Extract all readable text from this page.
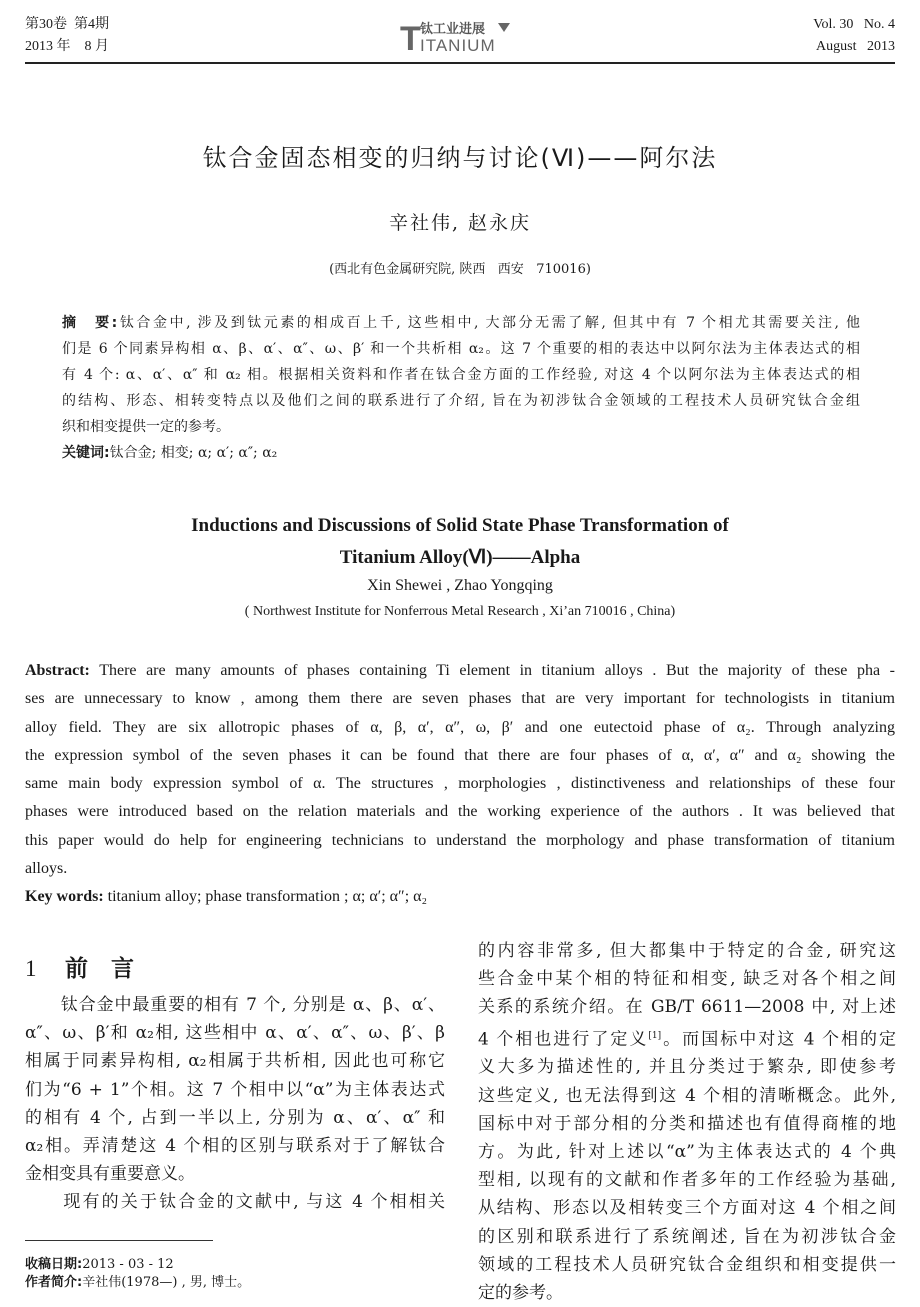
第30卷  第4期
2013 年    8 月	T 钛工业进展
ITANIUM
Vol. 30   No. 4
August   2013
钛合金固态相变的归纳与讨论(Ⅵ)——阿尔法
辛社伟, 赵永庆
(西北有色金属研究院, 陕西   西安   710016)
摘　要:钛合金中, 涉及到钛元素的相成百上千, 这些相中, 大部分无需了解, 但其中有 7 个相尤其需要关注, 他
们是 6 个同素异构相 α、β、α′、α″、ω、β′ 和一个共析相 α₂。这 7 个重要的相的表达中以阿尔法为主体表达式的相
有 4 个: α、α′、α″ 和 α₂ 相。根据相关资料和作者在钛合金方面的工作经验, 对这 4 个以阿尔法为主体表达式的相
的结构、形态、相转变特点以及他们之间的联系进行了介绍, 旨在为初涉钛合金领域的工程技术人员研究钛合金组
织和相变提供一定的参考。
关键词:钛合金; 相变; α; α′; α″; α₂
Inductions and Discussions of Solid State Phase Transformation of
Titanium Alloy(Ⅵ)——Alpha
Xin Shewei , Zhao Yongqing
( Northwest Institute for Nonferrous Metal Research , Xi’an 710016 , China)
Abstract: There are many amounts of phases containing Ti element in titanium alloys . But the majority of these pha -
ses are unnecessary to know , among them there are seven phases that are very important for technologists in titanium
alloy field. They are six allotropic phases of α, β, α′, α″, ω, β′ and one eutectoid phase of α₂. Through analyzing
the expression symbol of the seven phases it can be found that there are four phases of α, α′, α″ and α₂ showing the
same main body expression symbol of α. The structures , morphologies , distinctiveness and relationships of these four
phases were introduced based on the relation materials and the working experience of the authors . It was believed that
this paper would do help for engineering technicians to understand the morphology and phase transformation of titanium
alloys.
Key words: titanium alloy; phase transformation ; α; α′; α″; α₂
1 前　言
　　钛合金中最重要的相有 7 个, 分别是 α、β、α′、
α″、ω、β′和 α₂相, 这些相中 α、α′、α″、ω、β′、β
相属于同素异构相, α₂相属于共析相, 因此也可称它
们为“6 + 1”个相。这 7 个相中以“α”为主体表达式
的相有 4 个, 占到一半以上, 分别为 α、α′、α″ 和
α₂相。弄清楚这 4 个相的区别与联系对于了解钛合
金相变具有重要意义。
　　现有的关于钛合金的文献中, 与这 4 个相相关
的内容非常多, 但大都集中于特定的合金, 研究这
些合金中某个相的特征和相变, 缺乏对各个相之间
关系的系统介绍。在 GB/T 6611—2008 中, 对上述
4 个相也进行了定义[1]。而国标中对这 4 个相的定
义大多为描述性的, 并且分类过于繁杂, 即使参考
这些定义, 也无法得到这 4 个相的清晰概念。此外,
国标中对于部分相的分类和描述也有值得商榷的地
方。为此, 针对上述以“α”为主体表达式的 4 个典
型相, 以现有的文献和作者多年的工作经验为基础,
从结构、形态以及相转变三个方面对这 4 个相之间
的区别和联系进行了系统阐述, 旨在为初涉钛合金
领域的工程技术人员研究钛合金组织和相变提供一
定的参考。
收稿日期:2013 - 03 - 12
作者简介:辛社伟(1978—) , 男, 博士。
